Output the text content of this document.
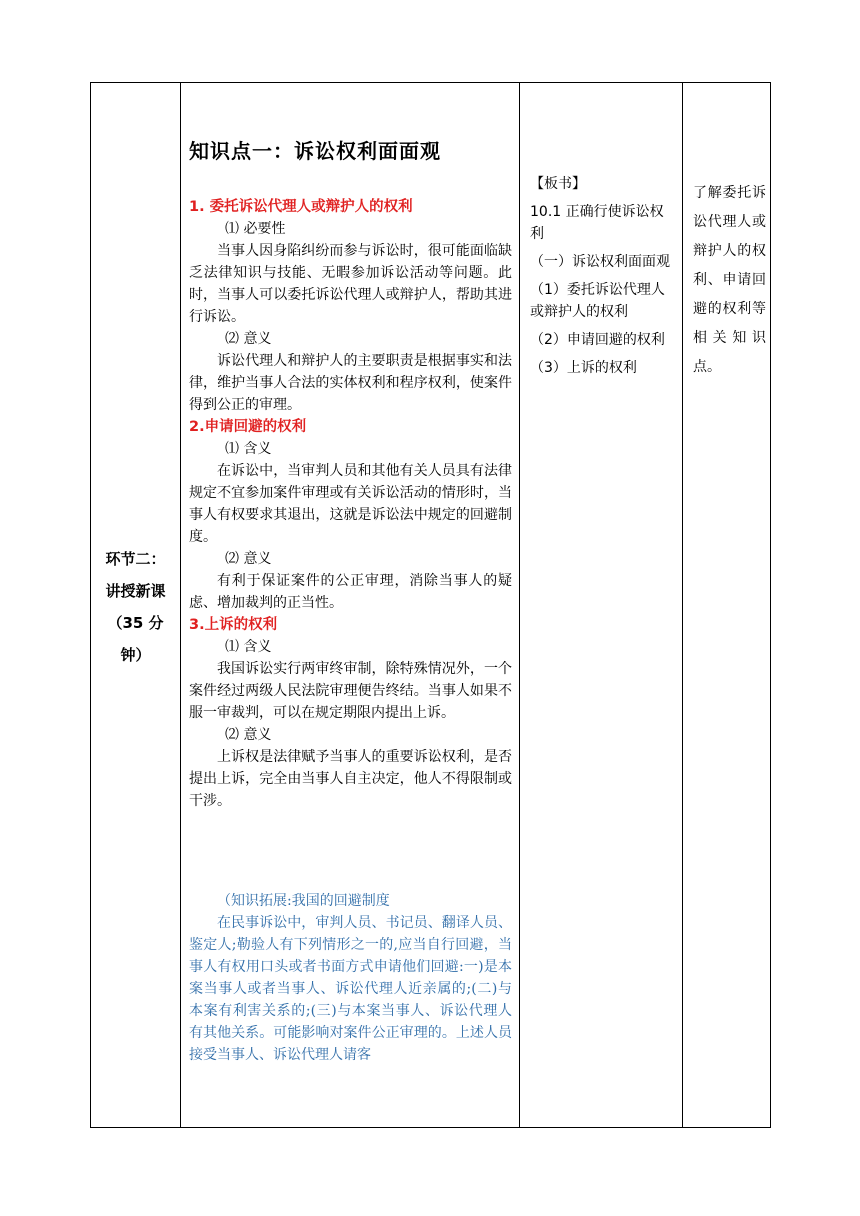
环节二：
讲授新课
（35 分
钟）
知识点一：诉讼权利面面观
1. 委托诉讼代理人或辩护人的权利
⑴ 必要性

当事人因身陷纠纷而参与诉讼时，很可能面临缺乏法律知识与技能、无暇参加诉讼活动等问题。此时，当事人可以委托诉讼代理人或辩护人，帮助其进行诉讼。

⑵ 意义

诉讼代理人和辩护人的主要职责是根据事实和法律，维护当事人合法的实体权利和程序权利，使案件得到公正的审理。

2.申请回避的权利
⑴ 含义

在诉讼中，当审判人员和其他有关人员具有法律规定不宜参加案件审理或有关诉讼活动的情形时，当事人有权要求其退出，这就是诉讼法中规定的回避制度。

⑵ 意义

有利于保证案件的公正审理，消除当事人的疑虑、增加裁判的正当性。

3.上诉的权利
⑴ 含义

我国诉讼实行两审终审制，除特殊情况外，一个案件经过两级人民法院审理便告终结。当事人如果不服一审裁判，可以在规定期限内提出上诉。

⑵ 意义

上诉权是法律赋予当事人的重要诉讼权利，是否提出上诉，完全由当事人自主决定，他人不得限制或干涉。

（知识拓展:我国的回避制度

在民事诉讼中，审判人员、书记员、翻译人员、鉴定人;勒验人有下列情形之一的,应当自行回避，当事人有权用口头或者书面方式申请他们回避:一)是本案当事人或者当事人、诉讼代理人近亲属的;(二)与本案有利害关系的;(三)与本案当事人、诉讼代理人有其他关系。可能影响对案件公正审理的。上述人员接受当事人、诉讼代理人请客

【板书】
10.1 正确行使诉讼权利
（一）诉讼权利面面观
（1）委托诉讼代理人或辩护人的权利
（2）申请回避的权利
（3）上诉的权利
了解委托诉讼代理人或辩护人的权利、申请回避的权利等相关知识点。
